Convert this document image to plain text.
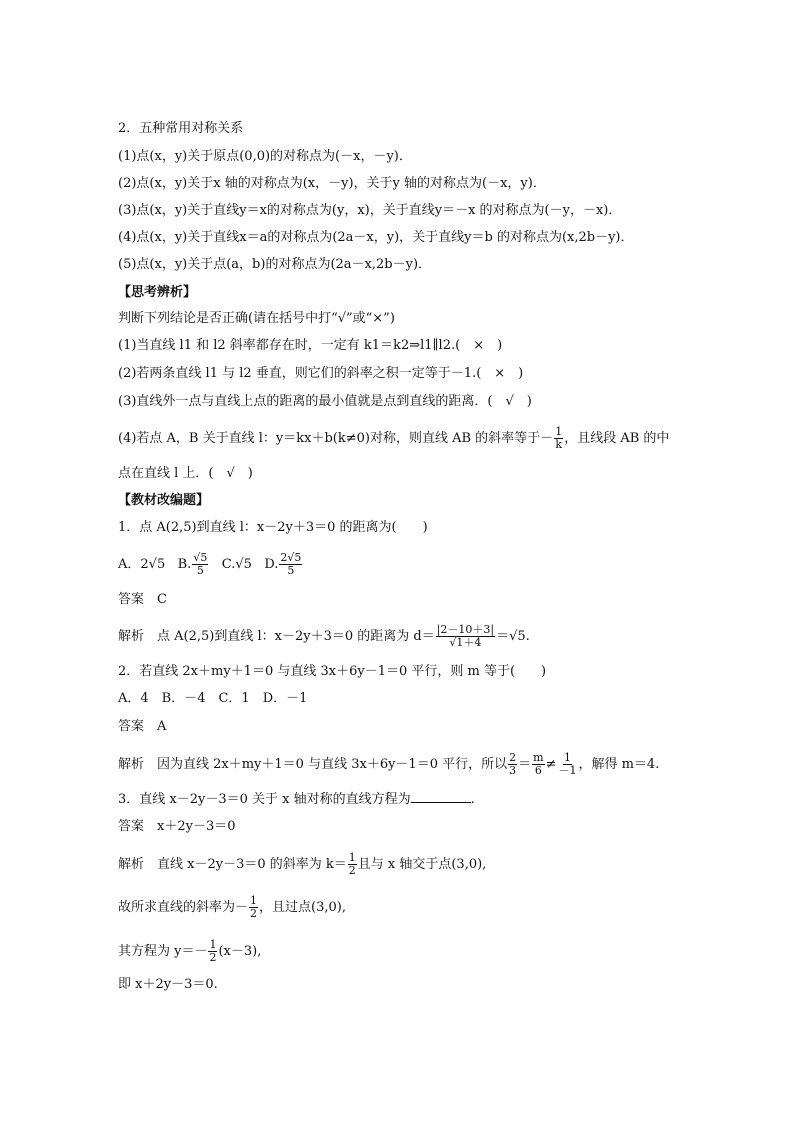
2．五种常用对称关系
(1)点(x，y)关于原点(0,0)的对称点为(－x，－y)．
(2)点(x，y)关于x 轴的对称点为(x，－y)，关于y 轴的对称点为(－x，y)．
(3)点(x，y)关于直线y＝x的对称点为(y，x)，关于直线y＝－x 的对称点为(－y，－x)．
(4)点(x，y)关于直线x＝a的对称点为(2a－x，y)，关于直线y＝b 的对称点为(x,2b－y)．
(5)点(x，y)关于点(a，b)的对称点为(2a－x,2b－y)．
【思考辨析】
判断下列结论是否正确(请在括号中打“√”或“×”)
(1)当直线 l1 和 l2 斜率都存在时，一定有 k1＝k2⇒l1∥l2.(　×　)
(2)若两条直线 l1 与 l2 垂直，则它们的斜率之积一定等于－1.(　×　)
(3)直线外一点与直线上点的距离的最小值就是点到直线的距离．(　√　)
(4)若点 A，B 关于直线 l：y＝kx＋b(k≠0)对称，则直线 AB 的斜率等于－ $\frac{1}{k}$ ，且线段 AB 的中
点在直线 l 上．(　√　)
【教材改编题】
1．点 A(2,5)到直线 l：x－2y＋3＝0 的距离为(　　)
A．2√5 B. $\frac{√5}{5} C.√5$ D. $\frac{2√5}{5}$
答案　C
解析　点 A(2,5)到直线 l：x－2y＋3＝0 的距离为 $d= \frac{|2-10+3|}{√1+4} =√5$.
2．若直线 2x＋my＋1＝0 与直线 3x＋6y－1＝0 平行，则 m 等于(　　)
A．4　B．－4　C．1　D．－1
答案　A
解析　因为直线 2x＋my＋1＝0 与直线 3x＋6y－1＝0 平行，所以 $\frac{2}{3} = \frac{m}{6} \ne \frac{1}{-1}$ ，解得 m＝4.
3．直线 x－2y－3＝0 关于 x 轴对称的直线方程为	.
答案　x＋2y－3＝0
解析　直线 x－2y－3＝0 的斜率为 $k= \frac{1}{2}$ 且与 x 轴交于点(3,0),
故所求直线的斜率为－ $\frac{1}{2}$ ，且过点(3,0),
其方程为 $y=- \frac{1}{2} (x-3)$,
即 x＋2y－3＝0.
